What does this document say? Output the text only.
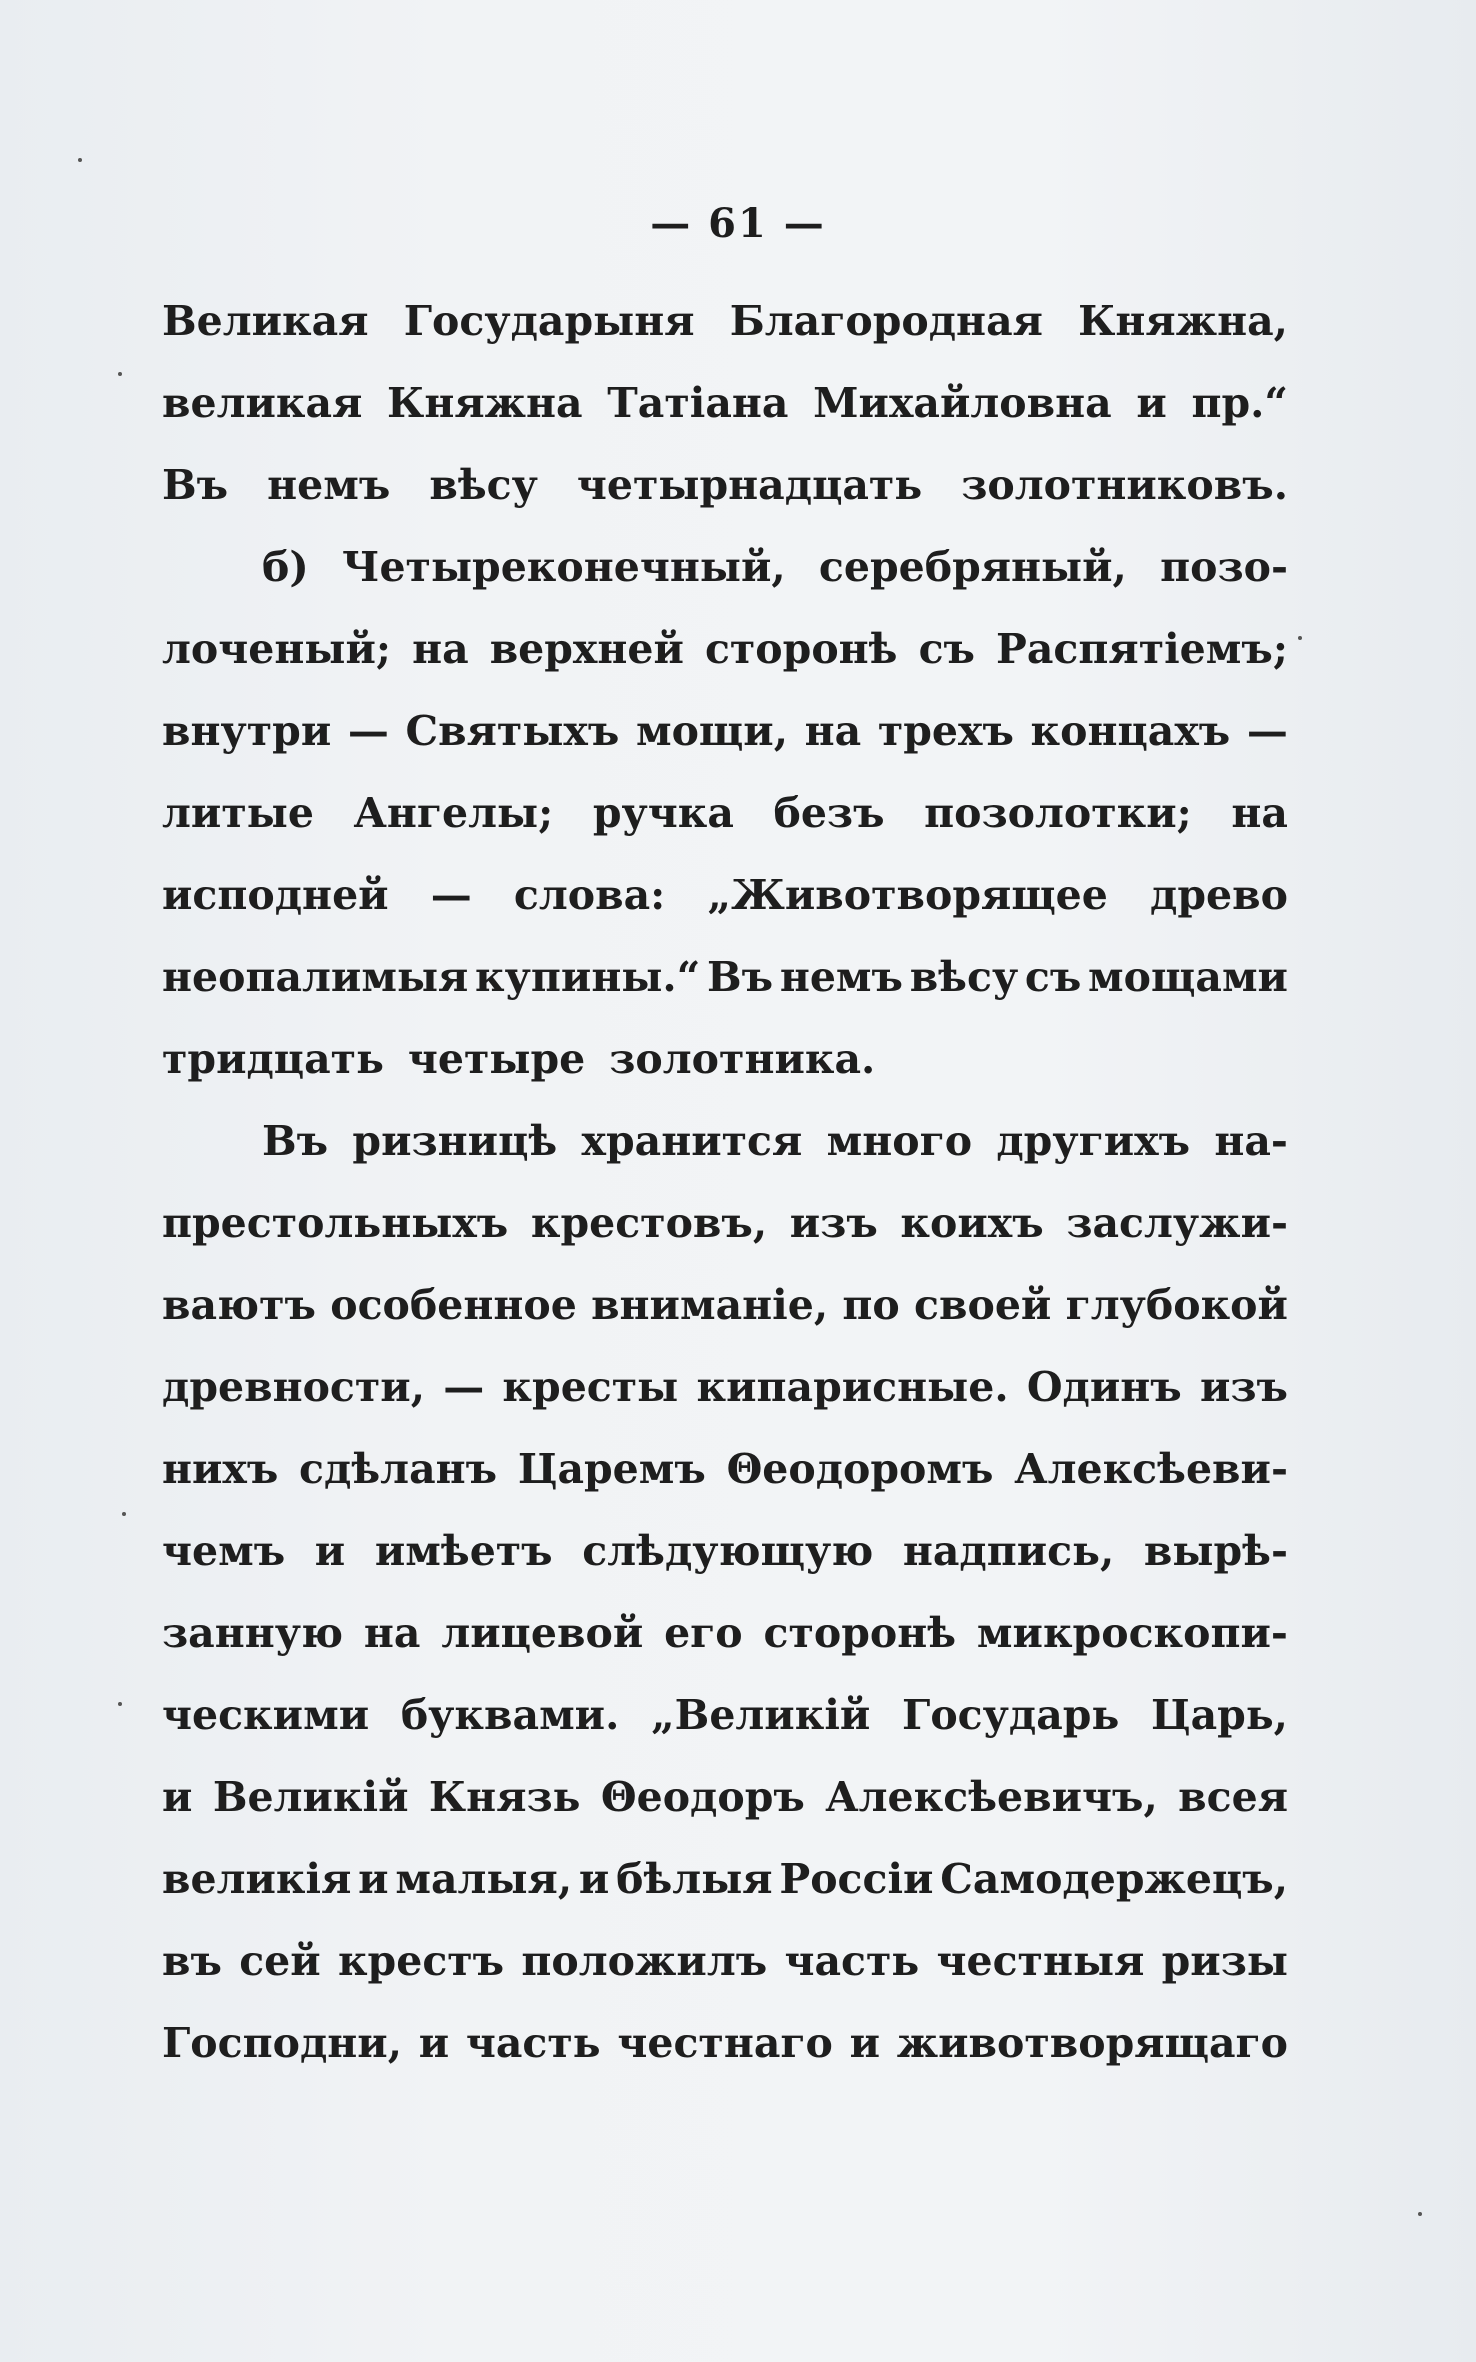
— 61 —
Великая Государыня Благородная Княжна,
великая Княжна Татіана Михайловна и пр.“
Въ немъ вѣсу четырнадцать золотниковъ.
б) Четыреконечный, серебряный, позо-
лоченый; на верхней сторонѣ съ Распятіемъ;
внутри — Святыхъ мощи, на трехъ концахъ —
литые Ангелы; ручка безъ позолотки; на
исподней — слова: „Животворящее древо
неопалимыя купины.“ Въ немъ вѣсу съ мощами
тридцать четыре золотника.
Въ ризницѣ хранится много другихъ на-
престольныхъ крестовъ, изъ коихъ заслужи-
ваютъ особенное вниманіе, по своей глубокой
древности, — кресты кипарисные. Одинъ изъ
нихъ сдѣланъ Царемъ Θеодоромъ Алексѣеви-
чемъ и имѣетъ слѣдующую надпись, вырѣ-
занную на лицевой его сторонѣ микроскопи-
ческими буквами. „Великій Государь Царь,
и Великій Князь Θеодоръ Алексѣевичъ, всея
великія и малыя, и бѣлыя Россіи Самодержецъ,
въ сей крестъ положилъ часть честныя ризы
Господни, и часть честнаго и животворящаго
